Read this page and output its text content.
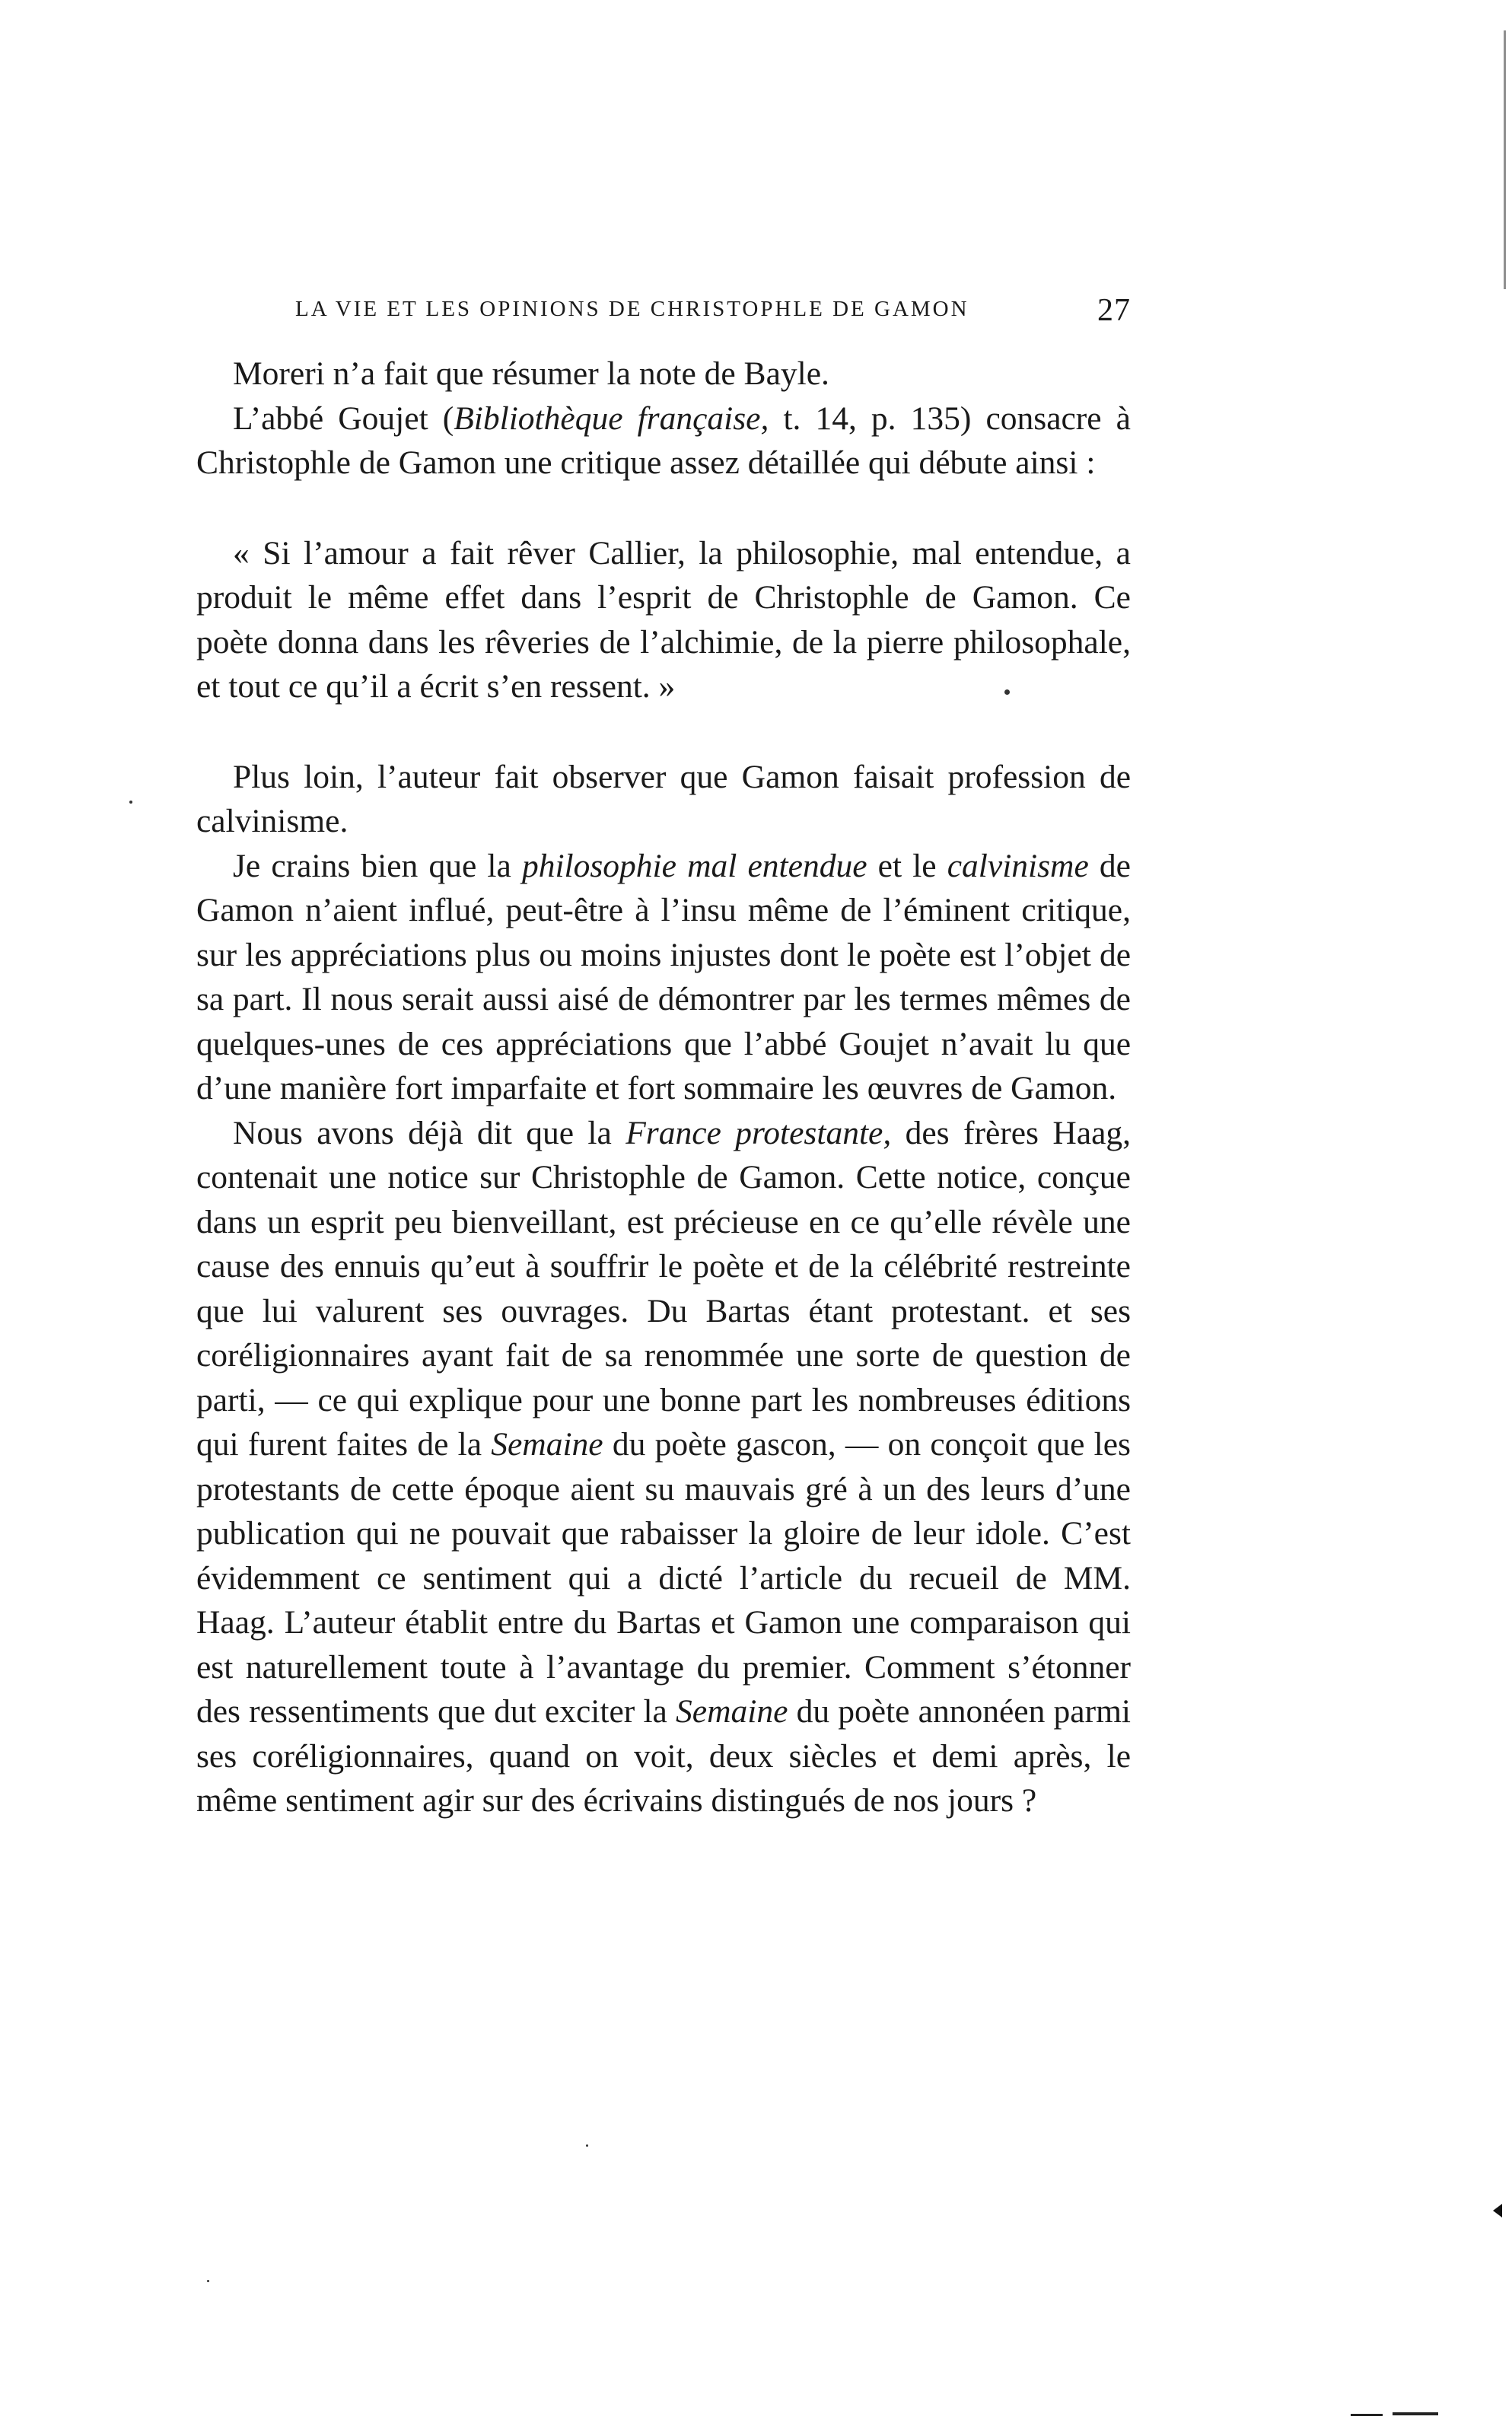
LA VIE ET LES OPINIONS DE CHRISTOPHLE DE GAMON	27

Moreri n’a fait que résumer la note de Bayle.

L’abbé Goujet (Bibliothèque française, t. 14, p. 135) consacre à Christophle de Gamon une critique assez détaillée qui débute ainsi :

« Si l’amour a fait rêver Callier, la philosophie, mal entendue, a produit le même effet dans l’esprit de Christophle de Gamon. Ce poète donna dans les rêveries de l’alchimie, de la pierre philosophale, et tout ce qu’il a écrit s’en ressent. »

Plus loin, l’auteur fait observer que Gamon faisait profession de calvinisme.

Je crains bien que la philosophie mal entendue et le calvinisme de Gamon n’aient influé, peut-être à l’insu même de l’éminent critique, sur les appréciations plus ou moins injustes dont le poète est l’objet de sa part. Il nous serait aussi aisé de démontrer par les termes mêmes de quelques-unes de ces appréciations que l’abbé Goujet n’avait lu que d’une manière fort imparfaite et fort sommaire les œuvres de Gamon.

Nous avons déjà dit que la France protestante, des frères Haag, contenait une notice sur Christophle de Gamon. Cette notice, conçue dans un esprit peu bienveillant, est précieuse en ce qu’elle révèle une cause des ennuis qu’eut à souffrir le poète et de la célébrité restreinte que lui valurent ses ouvrages. Du Bartas étant protestant. et ses coréligionnaires ayant fait de sa renommée une sorte de question de parti, — ce qui explique pour une bonne part les nombreuses éditions qui furent faites de la Semaine du poète gascon, — on conçoit que les protestants de cette époque aient su mauvais gré à un des leurs d’une publication qui ne pouvait que rabaisser la gloire de leur idole. C’est évidemment ce sentiment qui a dicté l’article du recueil de MM. Haag. L’auteur établit entre du Bartas et Gamon une comparaison qui est naturellement toute à l’avantage du premier. Comment s’étonner des ressentiments que dut exciter la Semaine du poète annonéen parmi ses coréligionnaires, quand on voit, deux siècles et demi après, le même sentiment agir sur des écrivains distingués de nos jours ?
